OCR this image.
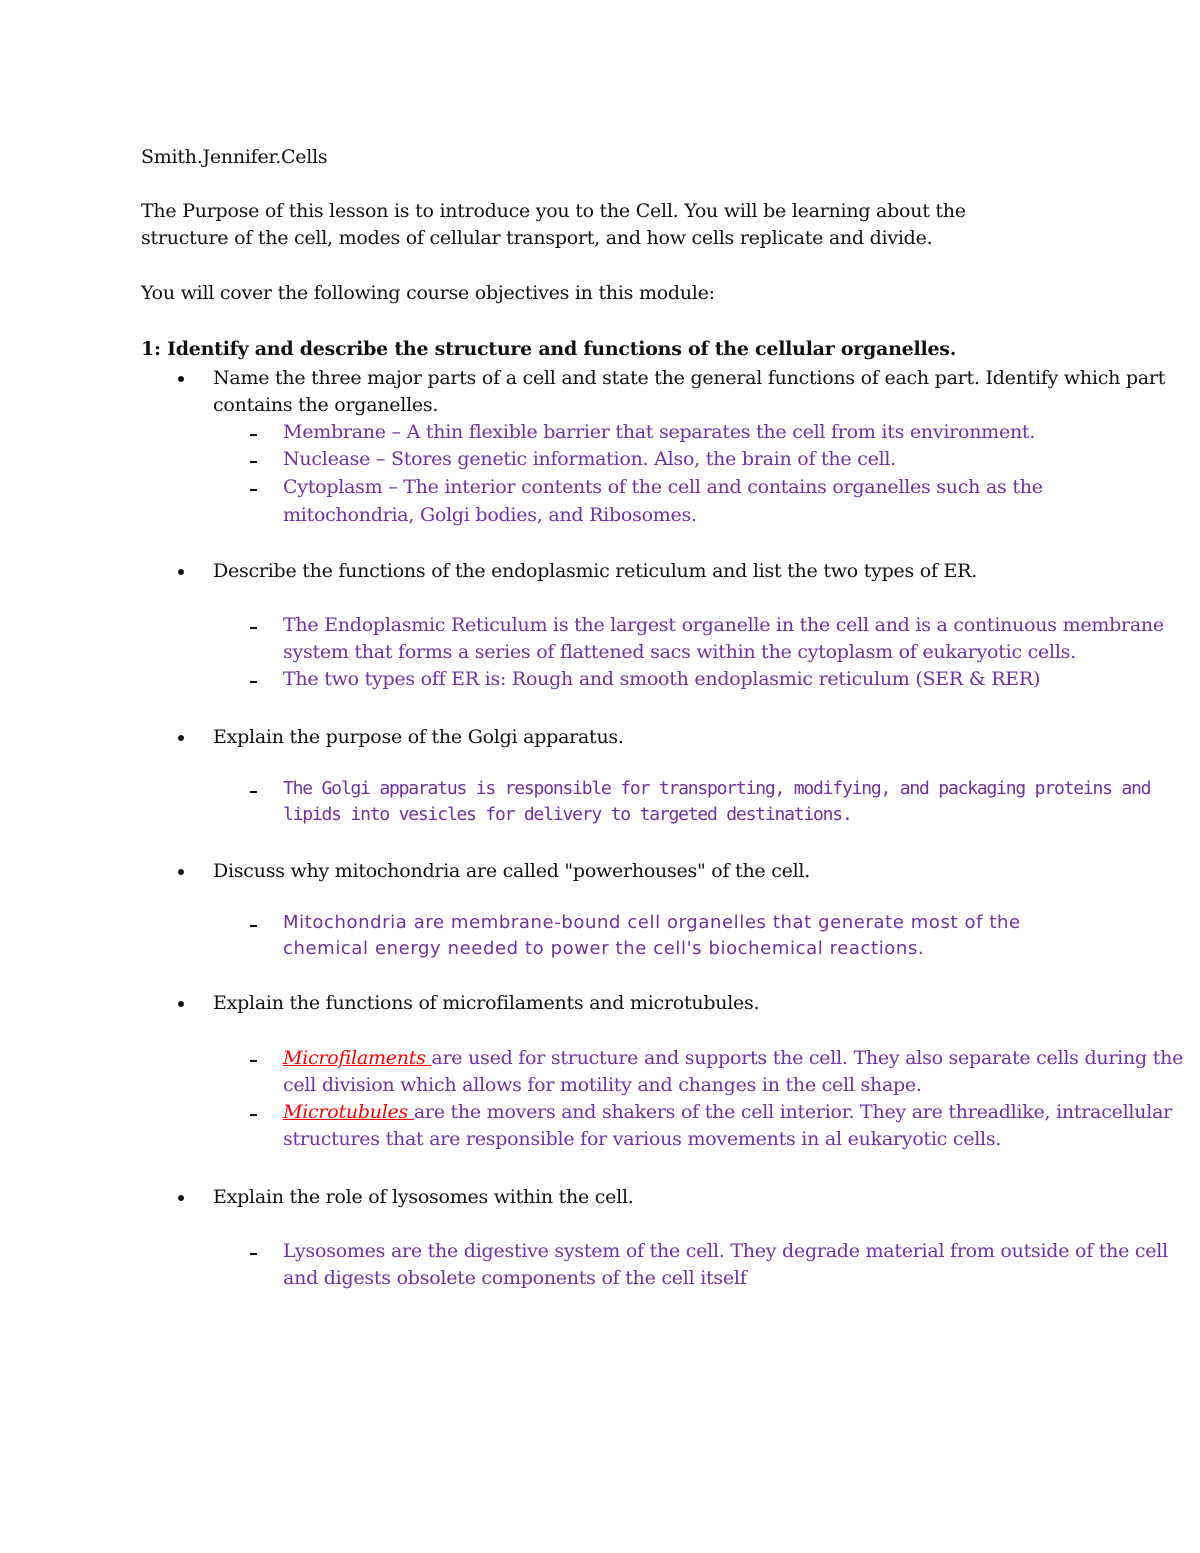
Smith.Jennifer.Cells
The Purpose of this lesson is to introduce you to the Cell. You will be learning about the
structure of the cell, modes of cellular transport, and how cells replicate and divide.
You will cover the following course objectives in this module:
1: Identify and describe the structure and functions of the cellular organelles.
Name the three major parts of a cell and state the general functions of each part. Identify which part
contains the organelles.
Membrane – A thin flexible barrier that separates the cell from its environment.
Nuclease – Stores genetic information. Also, the brain of the cell.
Cytoplasm – The interior contents of the cell and contains organelles such as the
mitochondria, Golgi bodies, and Ribosomes.
Describe the functions of the endoplasmic reticulum and list the two types of ER.
The Endoplasmic Reticulum is the largest organelle in the cell and is a continuous membrane
system that forms a series of flattened sacs within the cytoplasm of eukaryotic cells.
The two types off ER is: Rough and smooth endoplasmic reticulum (SER & RER)
Explain the purpose of the Golgi apparatus.
The Golgi apparatus is responsible for transporting, modifying, and packaging proteins and
lipids into vesicles for delivery to targeted destinations.
Discuss why mitochondria are called "powerhouses" of the cell.
Mitochondria are membrane-bound cell organelles that generate most of the
chemical energy needed to power the cell's biochemical reactions.
Explain the functions of microfilaments and microtubules.
Microfilaments are used for structure and supports the cell. They also separate cells during the
cell division which allows for motility and changes in the cell shape.
Microtubules are the movers and shakers of the cell interior. They are threadlike, intracellular
structures that are responsible for various movements in al eukaryotic cells.
Explain the role of lysosomes within the cell.
Lysosomes are the digestive system of the cell. They degrade material from outside of the cell
and digests obsolete components of the cell itself
